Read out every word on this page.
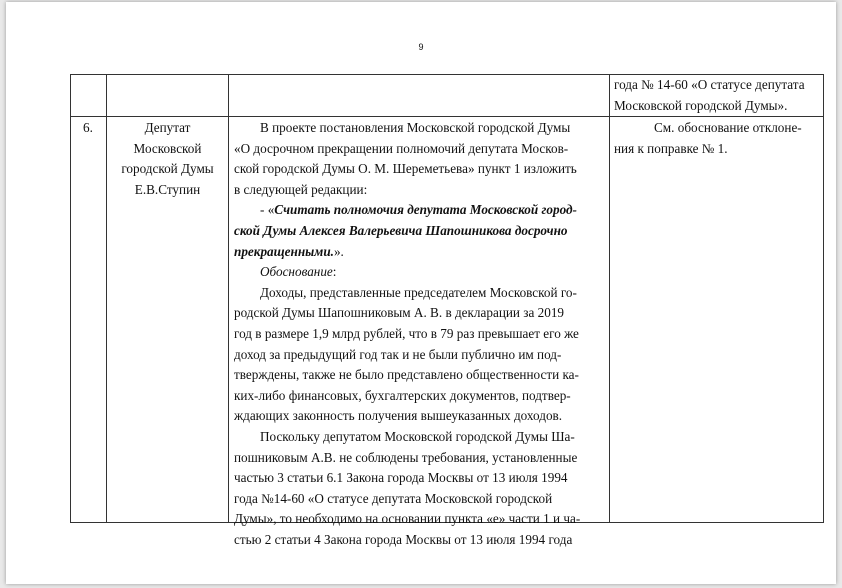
9
года № 14-60 «О статусе депутата
Московской городской Думы».
6.	Депутат
Московской
городской Думы
Е.В.Ступин
В проекте постановления Московской городской Думы
«О досрочном прекращении полномочий депутата Москов-
ской городской Думы О. М. Шереметьева» пункт 1 изложить
в следующей редакции:
- «Считать полномочия депутата Московской город-
ской Думы Алексея Валерьевича Шапошникова досрочно
прекращенными.».
Обоснование:
Доходы, представленные председателем Московской го-
родской Думы Шапошниковым А. В. в декларации за 2019
год в размере 1,9 млрд рублей, что в 79 раз превышает его же
доход за предыдущий год так и не были публично им под-
тверждены, также не было представлено общественности ка-
ких-либо финансовых, бухгалтерских документов, подтвер-
ждающих законность получения вышеуказанных доходов.
Поскольку депутатом Московской городской Думы Ша-
пошниковым А.В. не соблюдены требования, установленные
частью 3 статьи 6.1 Закона города Москвы от 13 июля 1994
года №14-60 «О статусе депутата Московской городской
Думы», то необходимо на основании пункта «е» части 1 и ча-
стью 2 статьи 4 Закона города Москвы от 13 июля 1994 года
См. обоснование отклоне-
ния к поправке № 1.
